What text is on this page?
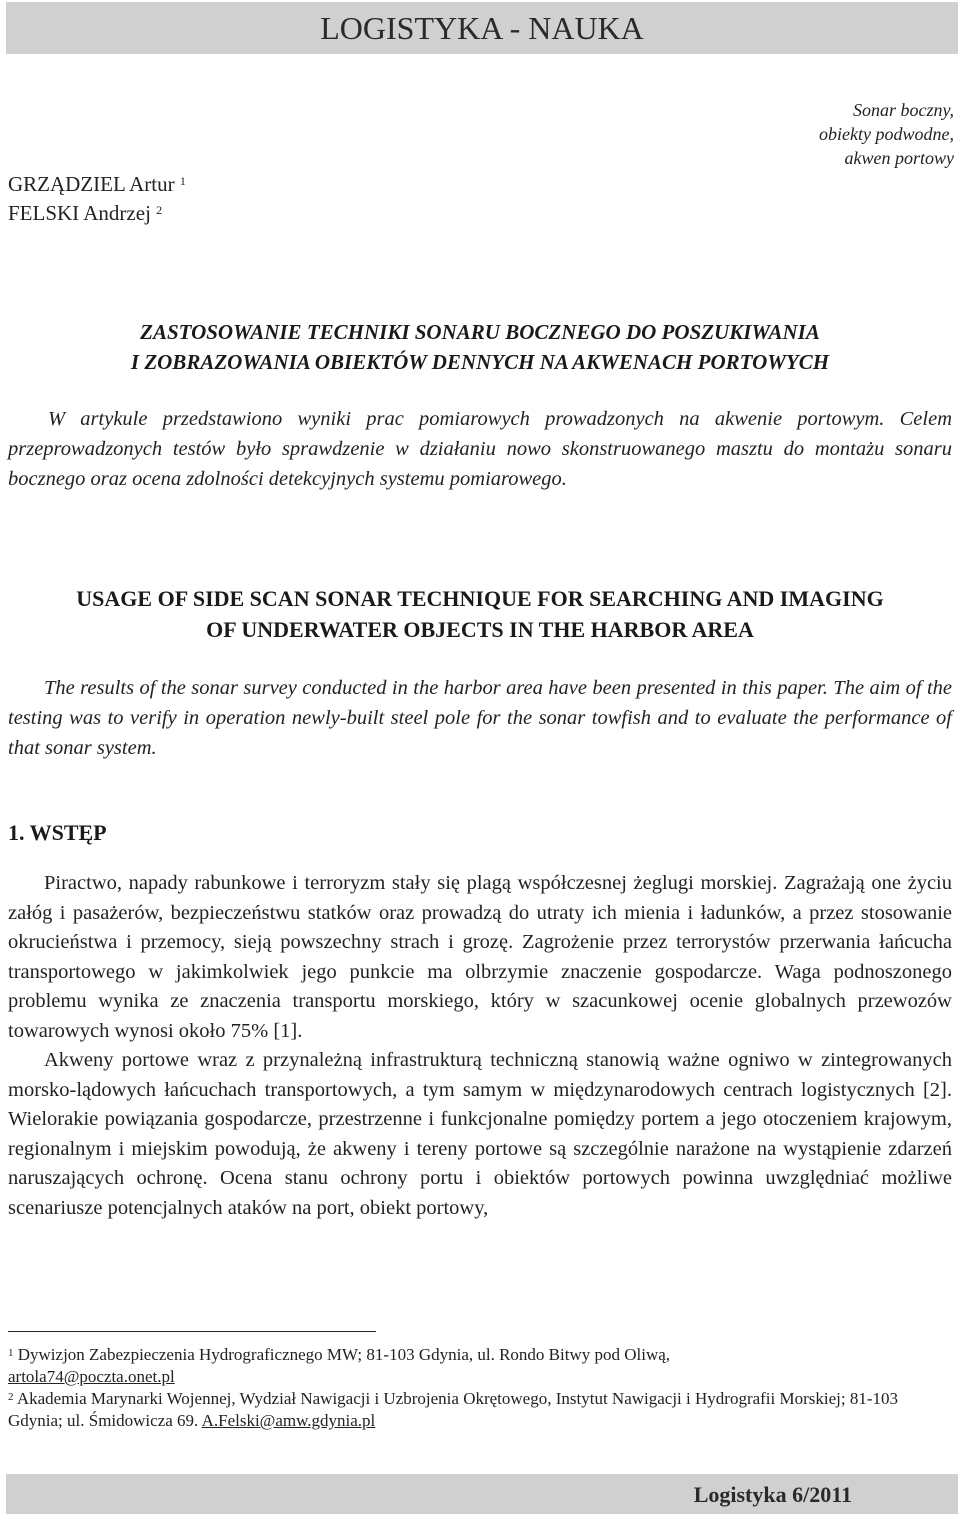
LOGISTYKA - NAUKA
Sonar boczny,
obiekty podwodne,
akwen portowy
GRZĄDZIEL Artur $^1$
FELSKI Andrzej $^2$
ZASTOSOWANIE TECHNIKI SONARU BOCZNEGO DO POSZUKIWANIA
I ZOBRAZOWANIA OBIEKTÓW DENNYCH NA AKWENACH PORTOWYCH
W artykule przedstawiono wyniki prac pomiarowych prowadzonych na akwenie portowym. Celem przeprowadzonych testów było sprawdzenie w działaniu nowo skonstruowanego masztu do montażu sonaru bocznego oraz ocena zdolności detekcyjnych systemu pomiarowego.
USAGE OF SIDE SCAN SONAR TECHNIQUE FOR SEARCHING AND IMAGING
OF UNDERWATER OBJECTS IN THE HARBOR AREA
The results of the sonar survey conducted in the harbor area have been presented in this paper. The aim of the testing was to verify in operation newly-built steel pole for the sonar towfish and to evaluate the performance of that sonar system.
1. WSTĘP

Piractwo, napady rabunkowe i terroryzm stały się plagą współczesnej żeglugi morskiej. Zagrażają one życiu załóg i pasażerów, bezpieczeństwu statków oraz prowadzą do utraty ich mienia i ładunków, a przez stosowanie okrucieństwa i przemocy, sieją powszechny strach i grozę. Zagrożenie przez terrorystów przerwania łańcucha transportowego w jakimkolwiek jego punkcie ma olbrzymie znaczenie gospodarcze. Waga podnoszonego problemu wynika ze znaczenia transportu morskiego, który w szacunkowej ocenie globalnych przewozów towarowych wynosi około 75% [1].

Akweny portowe wraz z przynależną infrastrukturą techniczną stanowią ważne ogniwo w zintegrowanych morsko-lądowych łańcuchach transportowych, a tym samym w międzynarodowych centrach logistycznych [2]. Wielorakie powiązania gospodarcze, przestrzenne i funkcjonalne pomiędzy portem a jego otoczeniem krajowym, regionalnym i miejskim powodują, że akweny i tereny portowe są szczególnie narażone na wystąpienie zdarzeń naruszających ochronę. Ocena stanu ochrony portu i obiektów portowych powinna uwzględniać możliwe scenariusze potencjalnych ataków na port, obiekt portowy,

$^1$ Dywizjon Zabezpieczenia Hydrograficznego MW; 81-103 Gdynia, ul. Rondo Bitwy pod Oliwą,
artola74@poczta.onet.pl

$^2$ Akademia Marynarki Wojennej, Wydział Nawigacji i Uzbrojenia Okrętowego, Instytut Nawigacji i Hydrografii Morskiej; 81-103 Gdynia; ul. Śmidowicza 69. A.Felski@amw.gdynia.pl

Logistyka 6/2011
